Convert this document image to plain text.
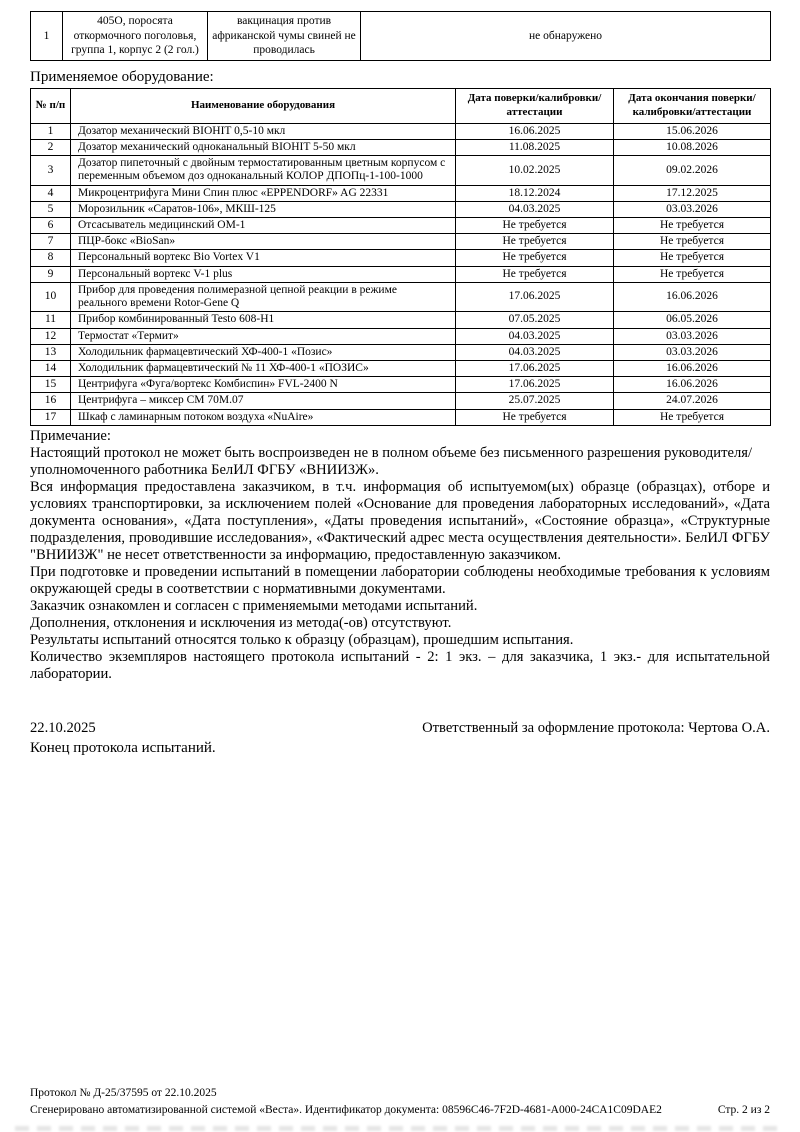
1	405О, поросята откормочного поголовья, группа 1, корпус 2 (2 гол.)	вакцинация против африканской чумы свиней не проводилась	не обнаружено
Применяемое оборудование:
№ п/п	Наименование оборудования	Дата поверки/калибровки/аттестации	Дата окончания поверки/калибровки/аттестации
1	Дозатор механический BIOHIT 0,5-10 мкл	16.06.2025	15.06.2026
2	Дозатор механический одноканальный BIOHIT 5-50 мкл	11.08.2025	10.08.2026
3	Дозатор пипеточный с двойным термостатированным цветным корпусом с переменным объемом доз одноканальный КОЛОР ДПОПц-1-100-1000	10.02.2025	09.02.2026
4	Микроцентрифуга Мини Спин плюс «EPPENDORF» AG 22331	18.12.2024	17.12.2025
5	Морозильник «Саратов-106», МКШ-125	04.03.2025	03.03.2026
6	Отсасыватель медицинский ОМ-1	Не требуется	Не требуется
7	ПЦР-бокс «BioSan»	Не требуется	Не требуется
8	Персональный вортекс Bio Vortex V1	Не требуется	Не требуется
9	Персональный вортекс V-1 plus	Не требуется	Не требуется
10	Прибор для проведения полимеразной цепной реакции в режиме реального времени Rotor-Gene Q	17.06.2025	16.06.2026
11	Прибор комбинированный Testo 608-H1	07.05.2025	06.05.2026
12	Термостат «Термит»	04.03.2025	03.03.2026
13	Холодильник фармацевтический ХФ-400-1 «Позис»	04.03.2025	03.03.2026
14	Холодильник фармацевтический № 11 ХФ-400-1 «ПОЗИС»	17.06.2025	16.06.2026
15	Центрифуга «Фуга/вортекс Комбиспин» FVL-2400 N	17.06.2025	16.06.2026
16	Центрифуга – миксер СМ 70М.07	25.07.2025	24.07.2026
17	Шкаф с ламинарным потоком воздуха «NuAire»	Не требуется	Не требуется
Примечание:
Настоящий протокол не может быть воспроизведен не в полном объеме без письменного разрешения руководителя/уполномоченного работника БелИЛ ФГБУ «ВНИИЗЖ».
Вся информация предоставлена заказчиком, в т.ч. информация об испытуемом(ых) образце (образцах), отборе и условиях транспортировки, за исключением полей «Основание для проведения лабораторных исследований», «Дата документа основания», «Дата поступления», «Даты проведения испытаний», «Состояние образца», «Структурные подразделения, проводившие исследования», «Фактический адрес места осуществления деятельности». БелИЛ ФГБУ "ВНИИЗЖ" не несет ответственности за информацию, предоставленную заказчиком.
При подготовке и проведении испытаний в помещении лаборатории соблюдены необходимые требования к условиям окружающей среды в соответствии с нормативными документами.
Заказчик ознакомлен и согласен с применяемыми методами испытаний.
Дополнения, отклонения и исключения из метода(-ов) отсутствуют.
Результаты испытаний относятся только к образцу (образцам), прошедшим испытания.
Количество экземпляров настоящего протокола испытаний - 2: 1 экз. – для заказчика, 1 экз.- для испытательной лаборатории.
22.10.2025	Ответственный за оформление протокола: Чертова О.А.
Конец протокола испытаний.
Протокол № Д-25/37595 от 22.10.2025
Сгенерировано автоматизированной системой «Веста». Идентификатор документа: 08596C46-7F2D-4681-A000-24CA1C09DAE2	Стр. 2 из 2
